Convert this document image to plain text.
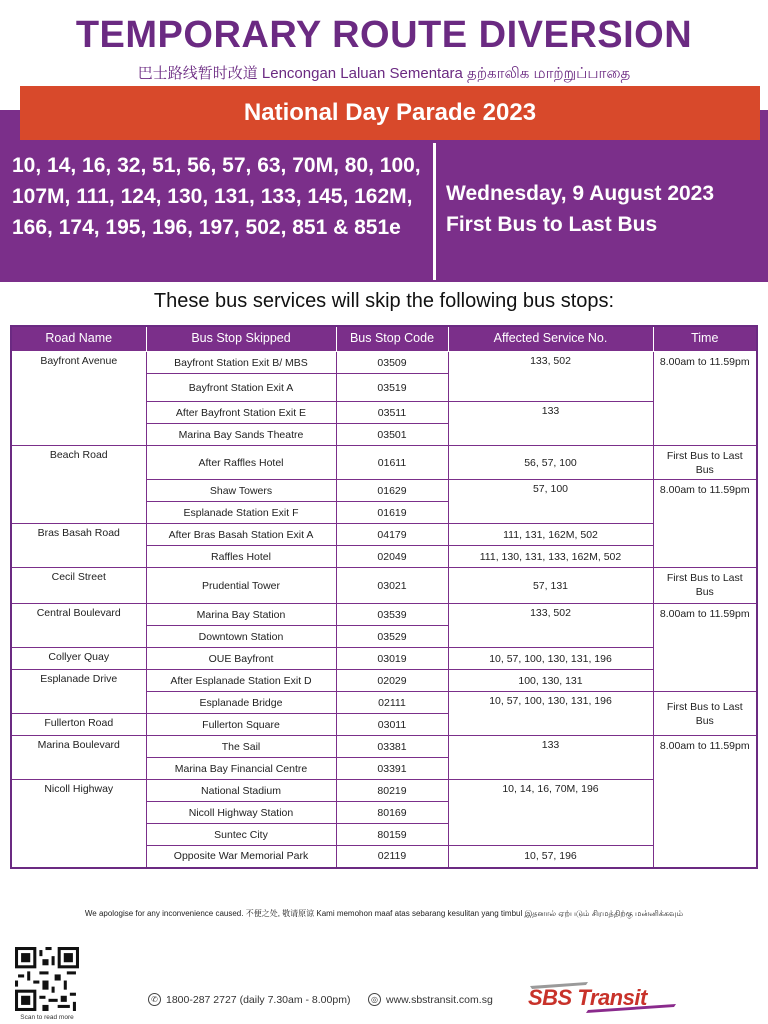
TEMPORARY ROUTE DIVERSION
巴士路线暂时改道 Lencongan Laluan Sementara தற்காலிக மாற்றுப்பாதை
National Day Parade 2023
10, 14, 16, 32, 51, 56, 57, 63, 70M, 80, 100, 107M, 111, 124, 130, 131, 133, 145, 162M, 166, 174, 195, 196, 197, 502, 851 & 851e
Wednesday, 9 August 2023
First Bus to Last Bus
These bus services will skip the following bus stops:
Road Name	Bus Stop Skipped	Bus Stop Code	Affected Service No.	Time

Bayfront Avenue	Bayfront Station Exit B/ MBS	03509	133, 502	8.00am to 11.59pm
	Bayfront Station Exit A	03519		
	After Bayfront Station Exit E	03511	133	
	Marina Bay Sands Theatre	03501		
Beach Road	After Raffles Hotel	01611	56, 57, 100	First Bus to Last Bus
	Shaw Towers	01629	57, 100	8.00am to 11.59pm
	Esplanade Station Exit F	01619		
Bras Basah Road	After Bras Basah Station Exit A	04179	111, 131, 162M, 502	
	Raffles Hotel	02049	111, 130, 131, 133, 162M, 502	
Cecil Street	Prudential Tower	03021	57, 131	First Bus to Last Bus
Central Boulevard	Marina Bay Station	03539	133, 502	8.00am to 11.59pm
	Downtown Station	03529		
Collyer Quay	OUE Bayfront	03019	10, 57, 100, 130, 131, 196	
Esplanade Drive	After Esplanade Station Exit D	02029	100, 130, 131	
	Esplanade Bridge	02111	10, 57, 100, 130, 131, 196	First Bus to Last Bus
Fullerton Road	Fullerton Square	03011		
Marina Boulevard	The Sail	03381	133	8.00am to 11.59pm
	Marina Bay Financial Centre	03391		
Nicoll Highway	National Stadium	80219	10, 14, 16, 70M, 196	
	Nicoll Highway Station	80169		
	Suntec City	80159		
	Opposite War Memorial Park	02119	10, 57, 196	
We apologise for any inconvenience caused. 不便之处, 敬请原谅 Kami memohon maaf atas sebarang kesulitan yang timbul இதனால் ஏற்படும் சிரமத்திற்கு மன்னிக்கவும்
Scan to read more
✆ 1800-287 2727 (daily 7.30am - 8.00pm)	◎ www.sbstransit.com.sg SBS Transit
